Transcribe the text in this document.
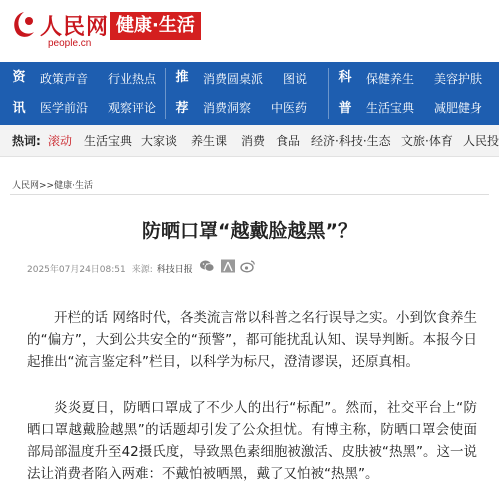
人民网
people.cn
健康·生活
资
讯
政策声音 行业热点
医学前沿 观察评论
推
荐
消费圆桌派 图说
消费洞察 中医药
科
普
保健养生 美容护肤
生活宝典 减肥健身
热词: 滚动 生活宝典 大家谈 养生课 消费 食品 经济·科技·生态 文旅·体育 人民投
人民网>>健康·生活
防晒口罩“越戴脸越黑”？
2025年07月24日08:51 来源: 科技日报

开栏的话 网络时代，各类流言常以科普之名行误导之实。小到饮食养生的“偏方”，大到公共安全的“预警”，都可能扰乱认知、误导判断。本报今日起推出“流言鉴定科”栏目，以科学为标尺，澄清谬误，还原真相。

炎炎夏日，防晒口罩成了不少人的出行“标配”。然而，社交平台上“防晒口罩越戴脸越黑”的话题却引发了公众担忧。有博主称，防晒口罩会使面部局部温度升至42摄氏度，导致黑色素细胞被激活、皮肤被“热黑”。这一说法让消费者陷入两难：不戴怕被晒黑，戴了又怕被“热黑”。
